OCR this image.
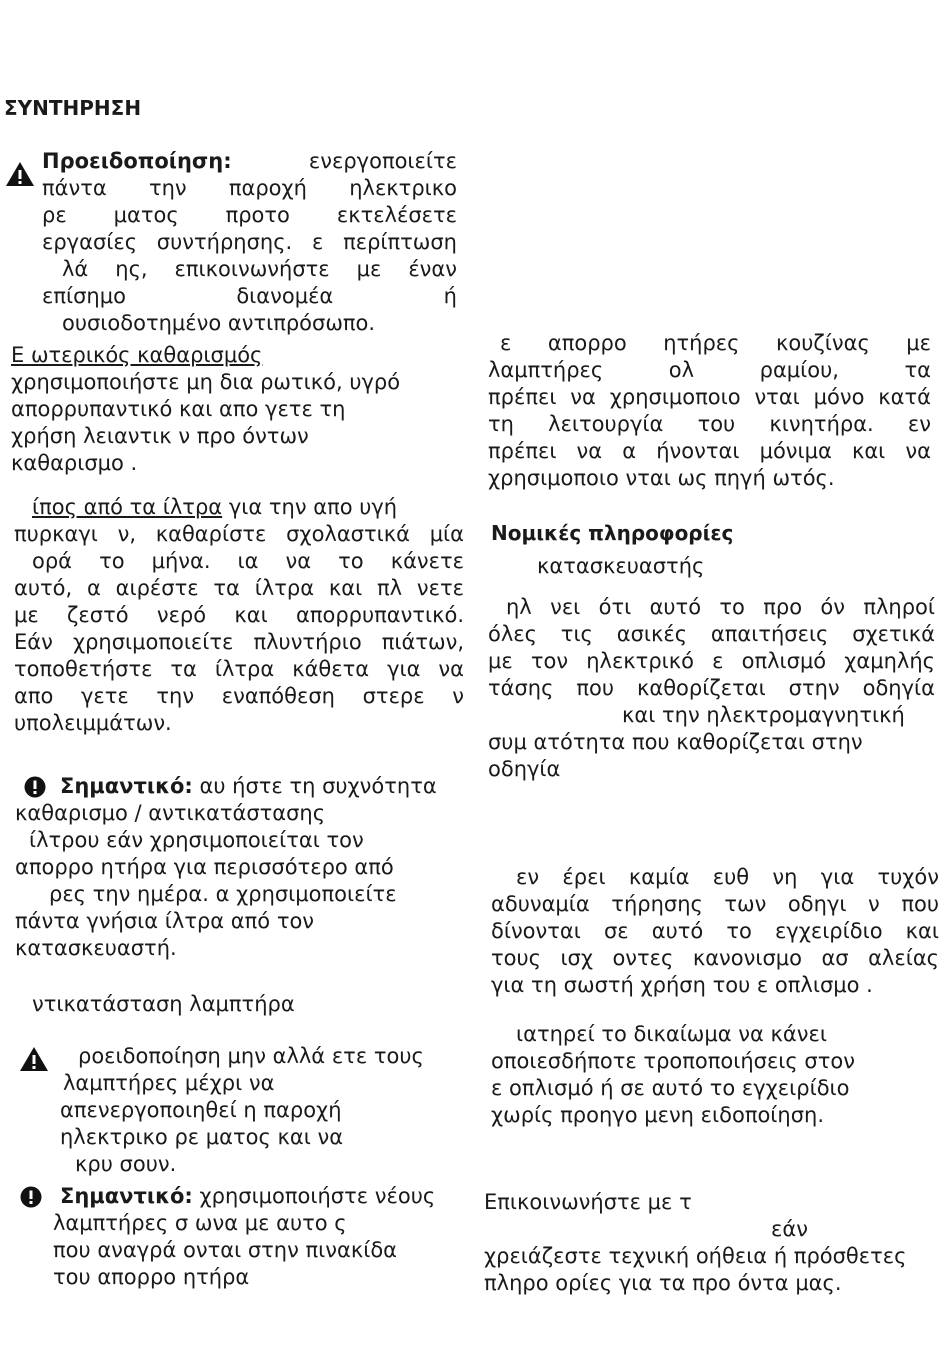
ΣΥΝΤΗΡΗΣΗ
Προειδοποίηση:	ενεργοποιείτε

πάντα την παροχή ηλεκτρικο

ρε ματος προτο εκτελέσετε

εργασίες συντήρησης. ε περίπτωση

λά ης, επικοινωνήστε με έναν

επίσημο διανομέα ή

ουσιοδοτημένο αντιπρόσωπο.

Ε ωτερικός καθαρισμός

χρησιμοποιήστε μη δια ρωτικό, υγρό

απορρυπαντικό και απο γετε τη

χρήση λειαντικ ν προ όντων

καθαρισμο .

ίπος από τα ίλτρα για την απο υγή

πυρκαγι ν, καθαρίστε σχολαστικά μία

ορά το μήνα. ια να το κάνετε

αυτό, α αιρέστε τα ίλτρα και πλ νετε

με ζεστό νερό και απορρυπαντικό.

Εάν χρησιμοποιείτε πλυντήριο πιάτων,

τοποθετήστε τα ίλτρα κάθετα για να

απο γετε την εναπόθεση στερε ν

υπολειμμάτων.

Σημαντικό: αυ ήστε τη συχνότητα

καθαρισμο / αντικατάστασης

ίλτρου εάν χρησιμοποιείται τον

απορρο ητήρα για περισσότερο από

ρες την ημέρα. α χρησιμοποιείτε

πάντα γνήσια ίλτρα από τον

κατασκευαστή.

ντικατάσταση λαμπτήρα

ροειδοποίηση μην αλλά ετε τους

λαμπτήρες μέχρι να

απενεργοποιηθεί η παροχή

ηλεκτρικο ρε ματος και να

κρυ σουν.

Σημαντικό: χρησιμοποιήστε νέους

λαμπτήρες σ ωνα με αυτο ς

που αναγρά ονται στην πινακίδα

του απορρο ητήρα

ε απορρο ητήρες κουζίνας με

λαμπτήρες ολ ραμίου, τα

πρέπει να χρησιμοποιο νται μόνο κατά

τη λειτουργία του κινητήρα. εν

πρέπει να α ήνονται μόνιμα και να

χρησιμοποιο νται ως πηγή ωτός.

Νομικές πληροφορίες
κατασκευαστής

ηλ νει ότι αυτό το προ όν πληροί

όλες τις ασικές απαιτήσεις σχετικά

με τον ηλεκτρικό ε οπλισμό χαμηλής

τάσης που καθορίζεται στην οδηγία

και την ηλεκτρομαγνητική

συμ ατότητα που καθορίζεται στην

οδηγία

εν έρει καμία ευθ νη για τυχόν

αδυναμία τήρησης των οδηγι ν που

δίνονται σε αυτό το εγχειρίδιο και

τους ισχ οντες κανονισμο ασ αλείας

για τη σωστή χρήση του ε οπλισμο .

ιατηρεί το δικαίωμα να κάνει

οποιεσδήποτε τροποποιήσεις στον

ε οπλισμό ή σε αυτό το εγχειρίδιο

χωρίς προηγο μενη ειδοποίηση.

Επικοινωνήστε με τ

εάν

χρειάζεστε τεχνική οήθεια ή πρόσθετες

πληρο ορίες για τα προ όντα μας.
